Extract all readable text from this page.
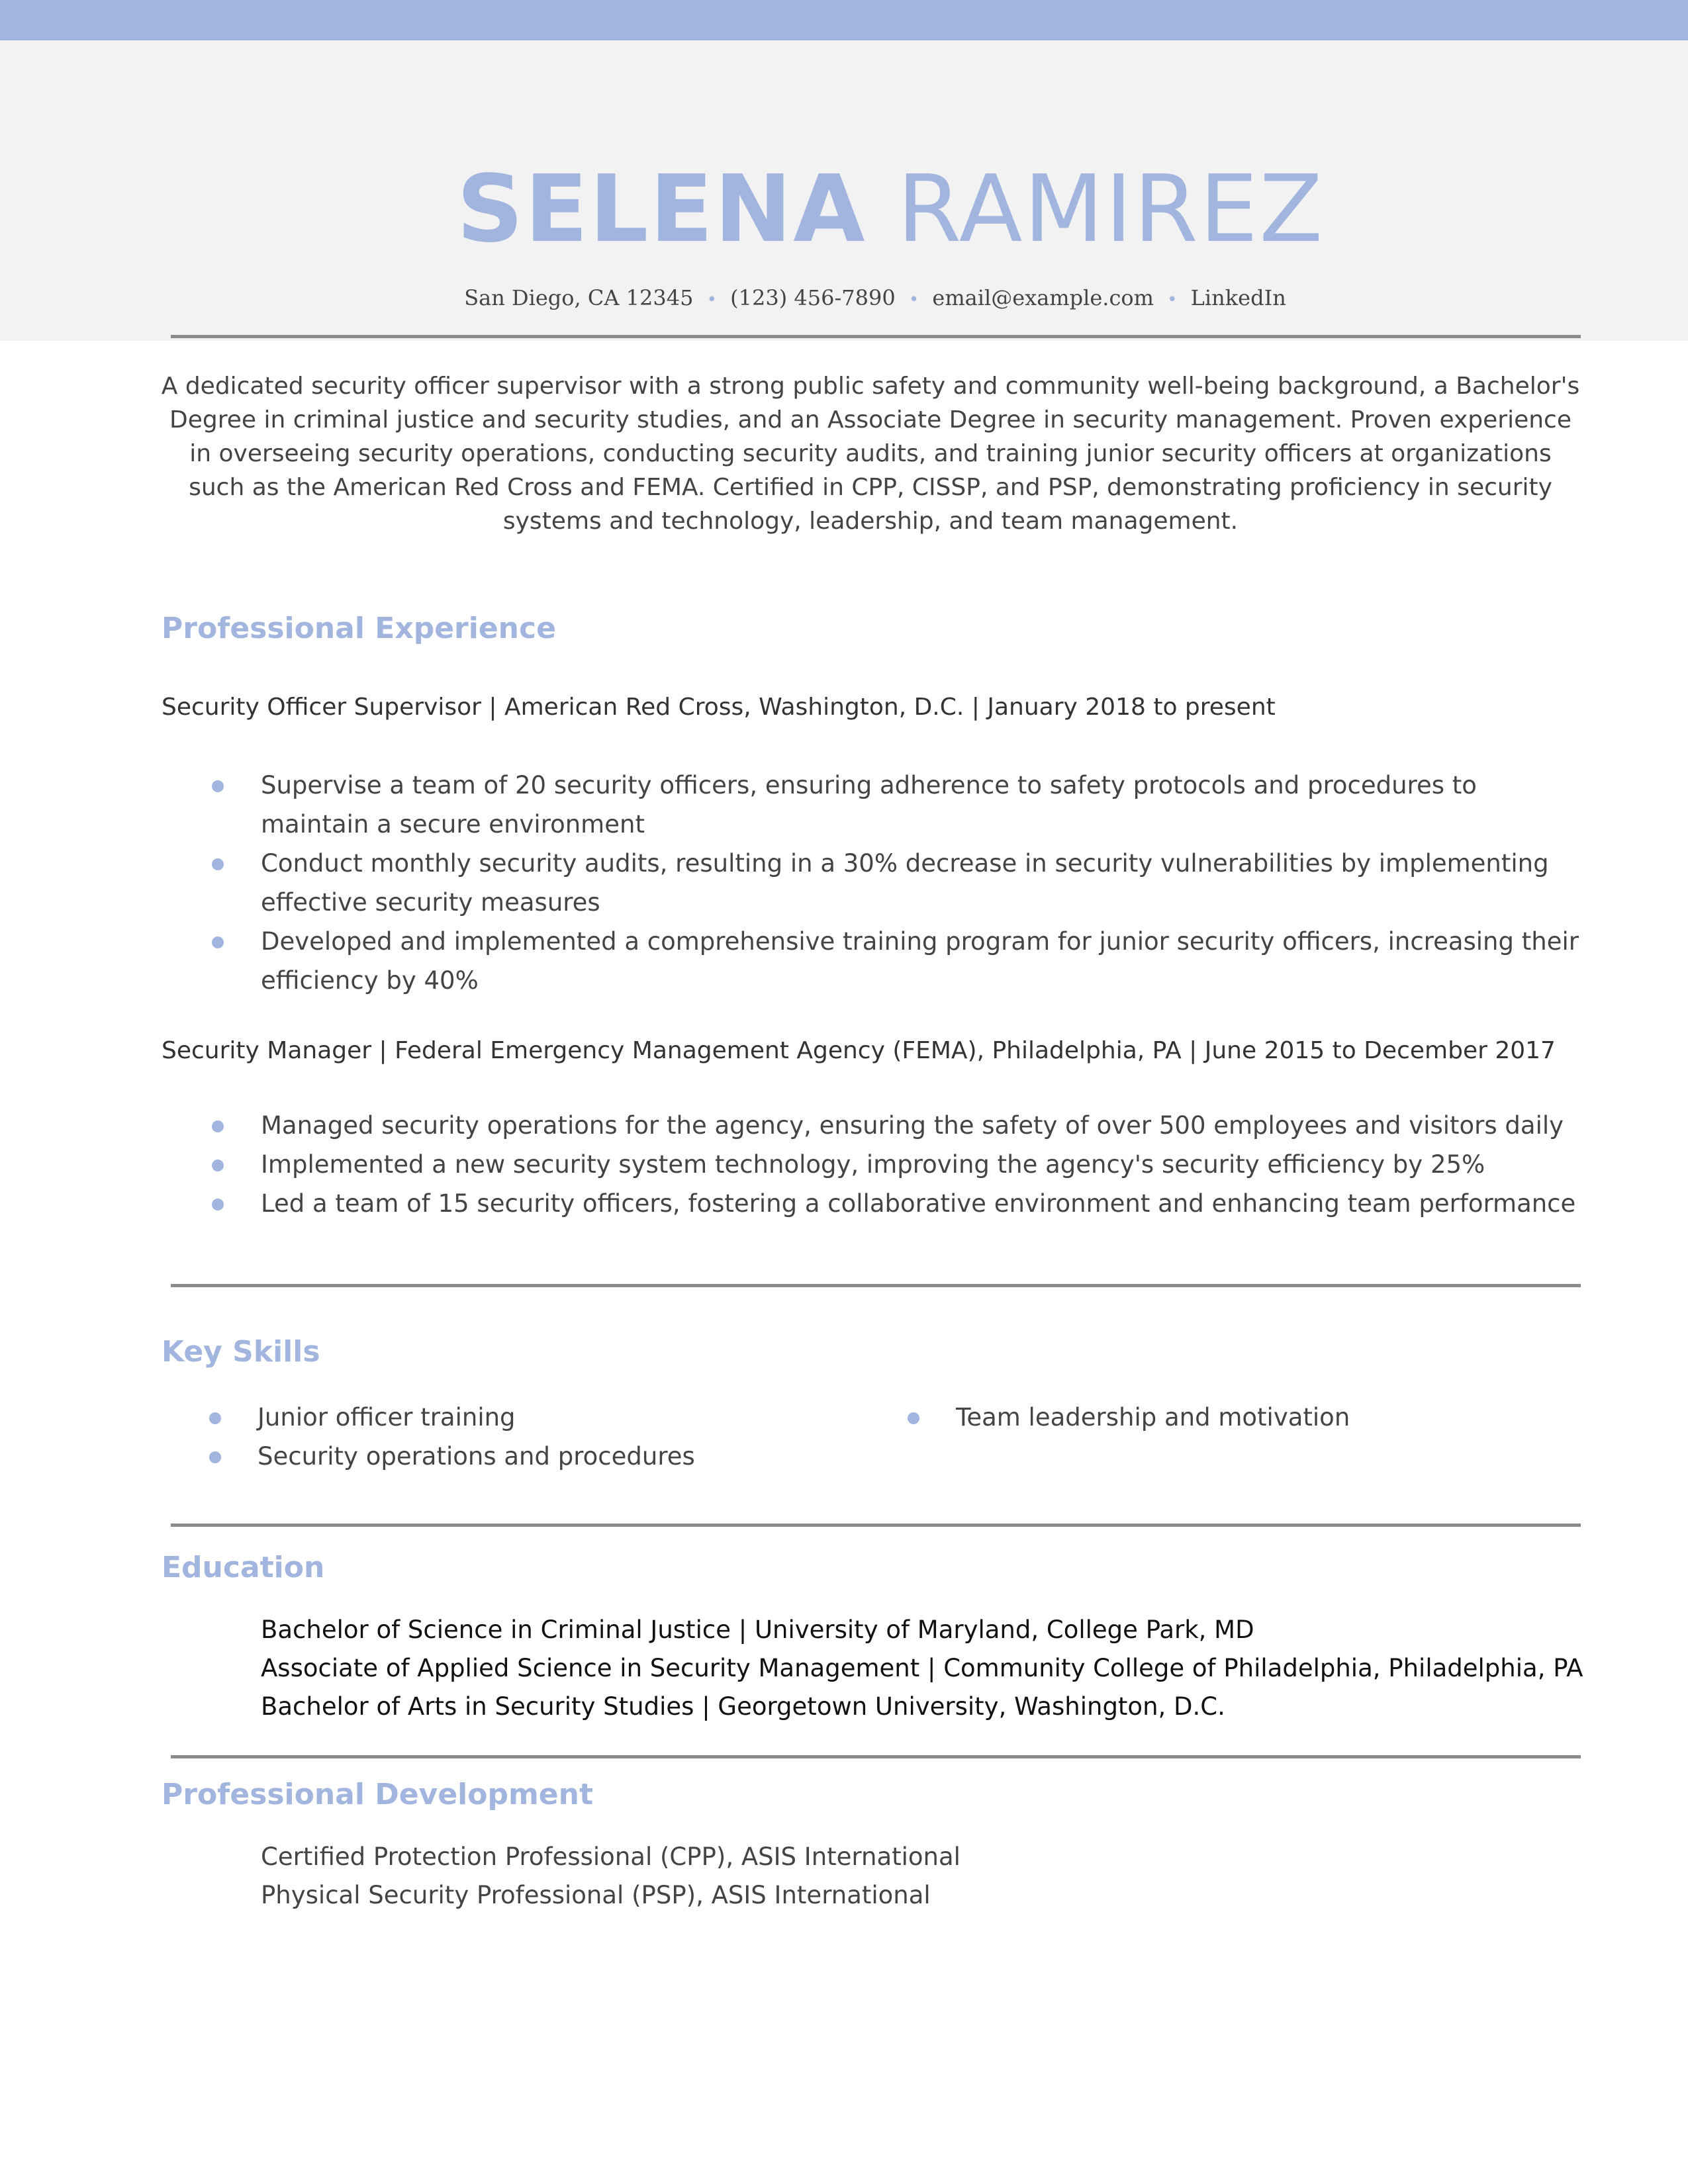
SELENA RAMIREZ
San Diego, CA 12345 • (123) 456-7890 • email@example.com • LinkedIn
A dedicated security officer supervisor with a strong public safety and community well-being background, a Bachelor's Degree in criminal justice and security studies, and an Associate Degree in security management. Proven experience in overseeing security operations, conducting security audits, and training junior security officers at organizations such as the American Red Cross and FEMA. Certified in CPP, CISSP, and PSP, demonstrating proficiency in security systems and technology, leadership, and team management.
Professional Experience
Security Officer Supervisor | American Red Cross, Washington, D.C. | January 2018 to present
Supervise a team of 20 security officers, ensuring adherence to safety protocols and procedures to maintain a secure environment
Conduct monthly security audits, resulting in a 30% decrease in security vulnerabilities by implementing effective security measures
Developed and implemented a comprehensive training program for junior security officers, increasing their efficiency by 40%
Security Manager | Federal Emergency Management Agency (FEMA), Philadelphia, PA | June 2015 to December 2017
Managed security operations for the agency, ensuring the safety of over 500 employees and visitors daily
Implemented a new security system technology, improving the agency's security efficiency by 25%
Led a team of 15 security officers, fostering a collaborative environment and enhancing team performance
Key Skills
Junior officer training
Security operations and procedures
Team leadership and motivation
Education
Bachelor of Science in Criminal Justice | University of Maryland, College Park, MD
Associate of Applied Science in Security Management | Community College of Philadelphia, Philadelphia, PA
Bachelor of Arts in Security Studies | Georgetown University, Washington, D.C.
Professional Development
Certified Protection Professional (CPP), ASIS International
Physical Security Professional (PSP), ASIS International
